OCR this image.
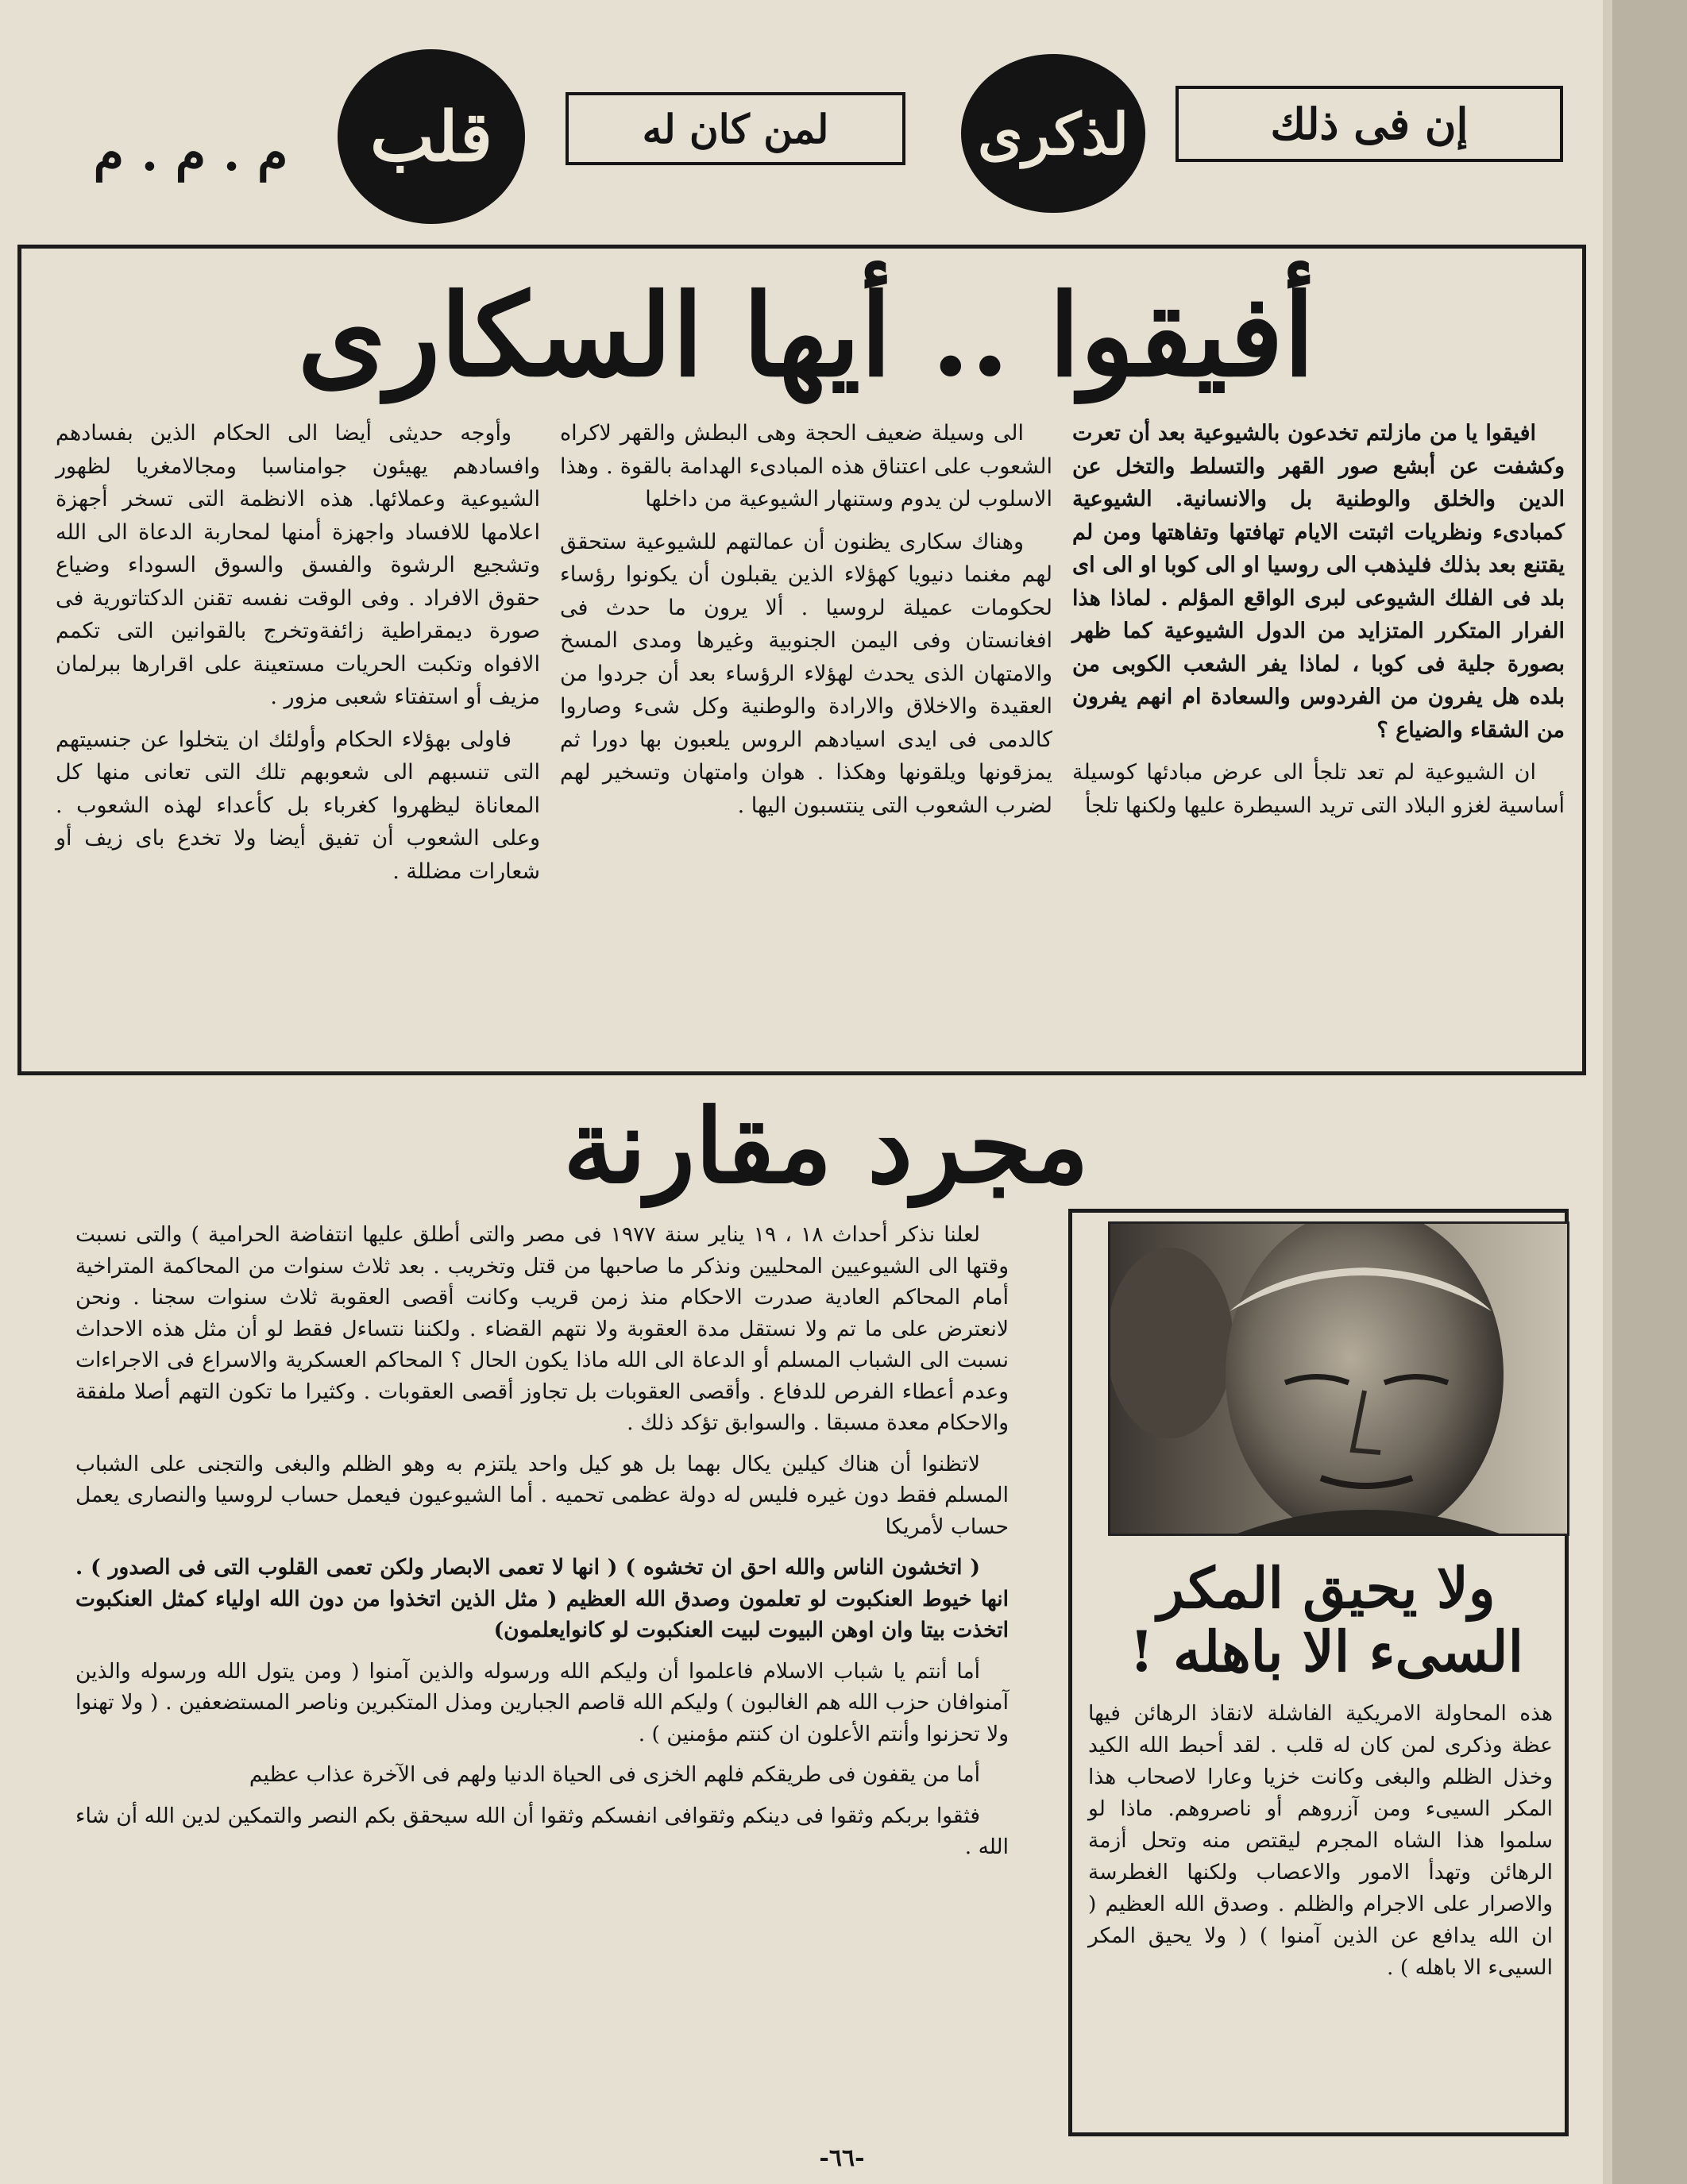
إن فى ذلك
لذكرى
لمن كان له
قلب
م . م . م
أفيقوا .. أيها السكارى

افيقوا يا من مازلتم تخدعون بالشيوعية بعد أن تعرت وكشفت عن أبشع صور القهر والتسلط والتخل عن الدين والخلق والوطنية بل والانسانية. الشيوعية كمبادىء ونظريات اثبتت الايام تهافتها وتفاهتها ومن لم يقتنع بعد بذلك فليذهب الى روسيا او الى كوبا او الى اى بلد فى الفلك الشيوعى لبرى الواقع المؤلم . لماذا هذا الفرار المتكرر المتزايد من الدول الشيوعية كما ظهر بصورة جلية فى كوبا ، لماذا يفر الشعب الكوبى من بلده هل يفرون من الفردوس والسعادة ام انهم يفرون من الشقاء والضياع ؟

ان الشيوعية لم تعد تلجأ الى عرض مبادئها كوسيلة أساسية لغزو البلاد التى تريد السيطرة عليها ولكنها تلجأ

الى وسيلة ضعيف الحجة وهى البطش والقهر لاكراه الشعوب على اعتناق هذه المبادىء الهدامة بالقوة . وهذا الاسلوب لن يدوم وستنهار الشيوعية من داخلها

وهناك سكارى يظنون أن عمالتهم للشيوعية ستحقق لهم مغنما دنيويا كهؤلاء الذين يقبلون أن يكونوا رؤساء لحكومات عميلة لروسيا . ألا يرون ما حدث فى افغانستان وفى اليمن الجنوبية وغيرها ومدى المسخ والامتهان الذى يحدث لهؤلاء الرؤساء بعد أن جردوا من العقيدة والاخلاق والارادة والوطنية وكل شىء وصاروا كالدمى فى ايدى اسيادهم الروس يلعبون بها دورا ثم يمزقونها ويلقونها وهكذا . هوان وامتهان وتسخير لهم لضرب الشعوب التى ينتسبون اليها .

وأوجه حديثى أيضا الى الحكام الذين بفسادهم وافسادهم يهيئون جوامناسبا ومجالامغريا لظهور الشيوعية وعملائها. هذه الانظمة التى تسخر أجهزة اعلامها للافساد واجهزة أمنها لمحاربة الدعاة الى الله وتشجيع الرشوة والفسق والسوق السوداء وضياع حقوق الافراد . وفى الوقت نفسه تقنن الدكتاتورية فى صورة ديمقراطية زائفةوتخرج بالقوانين التى تكمم الافواه وتكبت الحريات مستعينة على اقرارها ببرلمان مزيف أو استفتاء شعبى مزور .

فاولى بهؤلاء الحكام وأولئك ان يتخلوا عن جنسيتهم التى تنسبهم الى شعوبهم تلك التى تعانى منها كل المعاناة ليظهروا كغرباء بل كأعداء لهذه الشعوب . وعلى الشعوب أن تفيق أيضا ولا تخدع باى زيف أو شعارات مضللة .

مجرد مقارنة

لعلنا نذكر أحداث ١٨ ، ١٩ يناير سنة ١٩٧٧ فى مصر والتى أطلق عليها انتفاضة الحرامية ) والتى نسبت وقتها الى الشيوعيين المحليين ونذكر ما صاحبها من قتل وتخريب . بعد ثلاث سنوات من المحاكمة المتراخية أمام المحاكم العادية صدرت الاحكام منذ زمن قريب وكانت أقصى العقوبة ثلاث سنوات سجنا . ونحن لانعترض على ما تم ولا نستقل مدة العقوبة ولا نتهم القضاء . ولكننا نتساءل فقط لو أن مثل هذه الاحداث نسبت الى الشباب المسلم أو الدعاة الى الله ماذا يكون الحال ؟ المحاكم العسكرية والاسراع فى الاجراءات وعدم أعطاء الفرص للدفاع . وأقصى العقوبات بل تجاوز أقصى العقوبات . وكثيرا ما تكون التهم أصلا ملفقة والاحكام معدة مسبقا . والسوابق تؤكد ذلك .

لاتظنوا أن هناك كيلين يكال بهما بل هو كيل واحد يلتزم به وهو الظلم والبغى والتجنى على الشباب المسلم فقط دون غيره فليس له دولة عظمى تحميه . أما الشيوعيون فيعمل حساب لروسيا والنصارى يعمل حساب لأمريكا

( اتخشون الناس والله احق ان تخشوه ) ( انها لا تعمى الابصار ولكن تعمى القلوب التى فى الصدور ) . انها خيوط العنكبوت لو تعلمون وصدق الله العظيم ( مثل الذين اتخذوا من دون الله اولياء كمثل العنكبوت اتخذت بيتا وان اوهن البيوت لبيت العنكبوت لو كانوايعلمون)

أما أنتم يا شباب الاسلام فاعلموا أن وليكم الله ورسوله والذين آمنوا ( ومن يتول الله ورسوله والذين آمنوافان حزب الله هم الغالبون ) وليكم الله قاصم الجبارين ومذل المتكبرين وناصر المستضعفين . ( ولا تهنوا ولا تحزنوا وأنتم الأعلون ان كنتم مؤمنين ) .

أما من يقفون فى طريقكم فلهم الخزى فى الحياة الدنيا ولهم فى الآخرة عذاب عظيم

فثقوا بربكم وثقوا فى دينكم وثقوافى انفسكم وثقوا أن الله سيحقق بكم النصر والتمكين لدين الله أن شاء الله .

ولا يحيق المكر السىء الا باهله !
هذه المحاولة الامريكية الفاشلة لانقاذ الرهائن فيها عظة وذكرى لمن كان له قلب . لقد أحبط الله الكيد وخذل الظلم والبغى وكانت خزيا وعارا لاصحاب هذا المكر السيىء ومن آزروهم أو ناصروهم. ماذا لو سلموا هذا الشاه المجرم ليقتص منه وتحل أزمة الرهائن وتهدأ الامور والاعصاب ولكنها الغطرسة والاصرار على الاجرام والظلم . وصدق الله العظيم ( ان الله يدافع عن الذين آمنوا ) ( ولا يحيق المكر السيىء الا باهله ) .
-٦٦-
